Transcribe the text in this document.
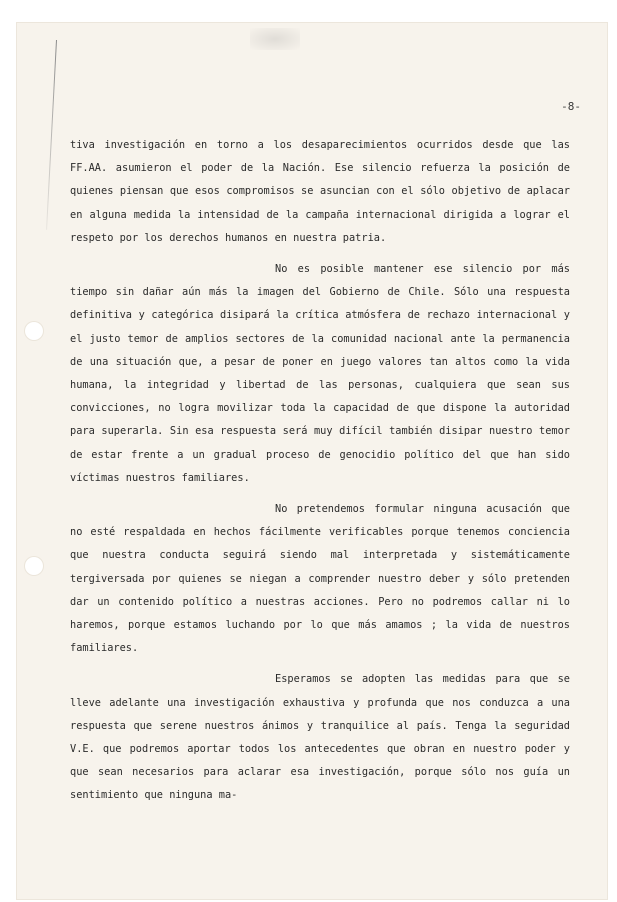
-8-

tiva investigación en torno a los desaparecimientos ocurridos desde que las FF.AA. asumieron el poder de la Nación. Ese silencio refuerza la posición de quienes piensan que esos compromisos se asuncian con el sólo objetivo de aplacar en alguna medida la intensidad de la campaña internacional dirigida a lograr el respeto por los derechos humanos en nuestra patria.

No es posible mantener ese silencio por más tiempo sin dañar aún más la imagen del Gobierno de Chile. Sólo una respuesta definitiva y categórica disipará la crítica atmósfera de rechazo internacional y el justo temor de amplios sectores de la comunidad nacional ante la permanencia de una situación que, a pesar de poner en juego valores tan altos como la vida humana, la integridad y libertad de las personas, cualquiera que sean sus convicciones, no logra movilizar toda la capacidad de que dispone la autoridad para superarla. Sin esa respuesta será muy difícil también disipar nuestro temor de estar frente a un gradual proceso de genocidio político del que han sido víctimas nuestros familiares.

No pretendemos formular ninguna acusación que no esté respaldada en hechos fácilmente verificables porque tenemos conciencia que nuestra conducta seguirá siendo mal interpretada y sistemáticamente tergiversada por quienes se niegan a comprender nuestro deber y sólo pretenden dar un contenido político a nuestras acciones. Pero no podremos callar ni lo haremos, porque estamos luchando por lo que más amamos ; la vida de nuestros familiares.

Esperamos se adopten las medidas para que se lleve adelante una investigación exhaustiva y profunda que nos conduzca a una respuesta que serene nuestros ánimos y tranquilice al país. Tenga la seguridad V.E. que podremos aportar todos los antecedentes que obran en nuestro poder y que sean necesarios para aclarar esa investigación, porque sólo nos guía un sentimiento que ninguna ma-
